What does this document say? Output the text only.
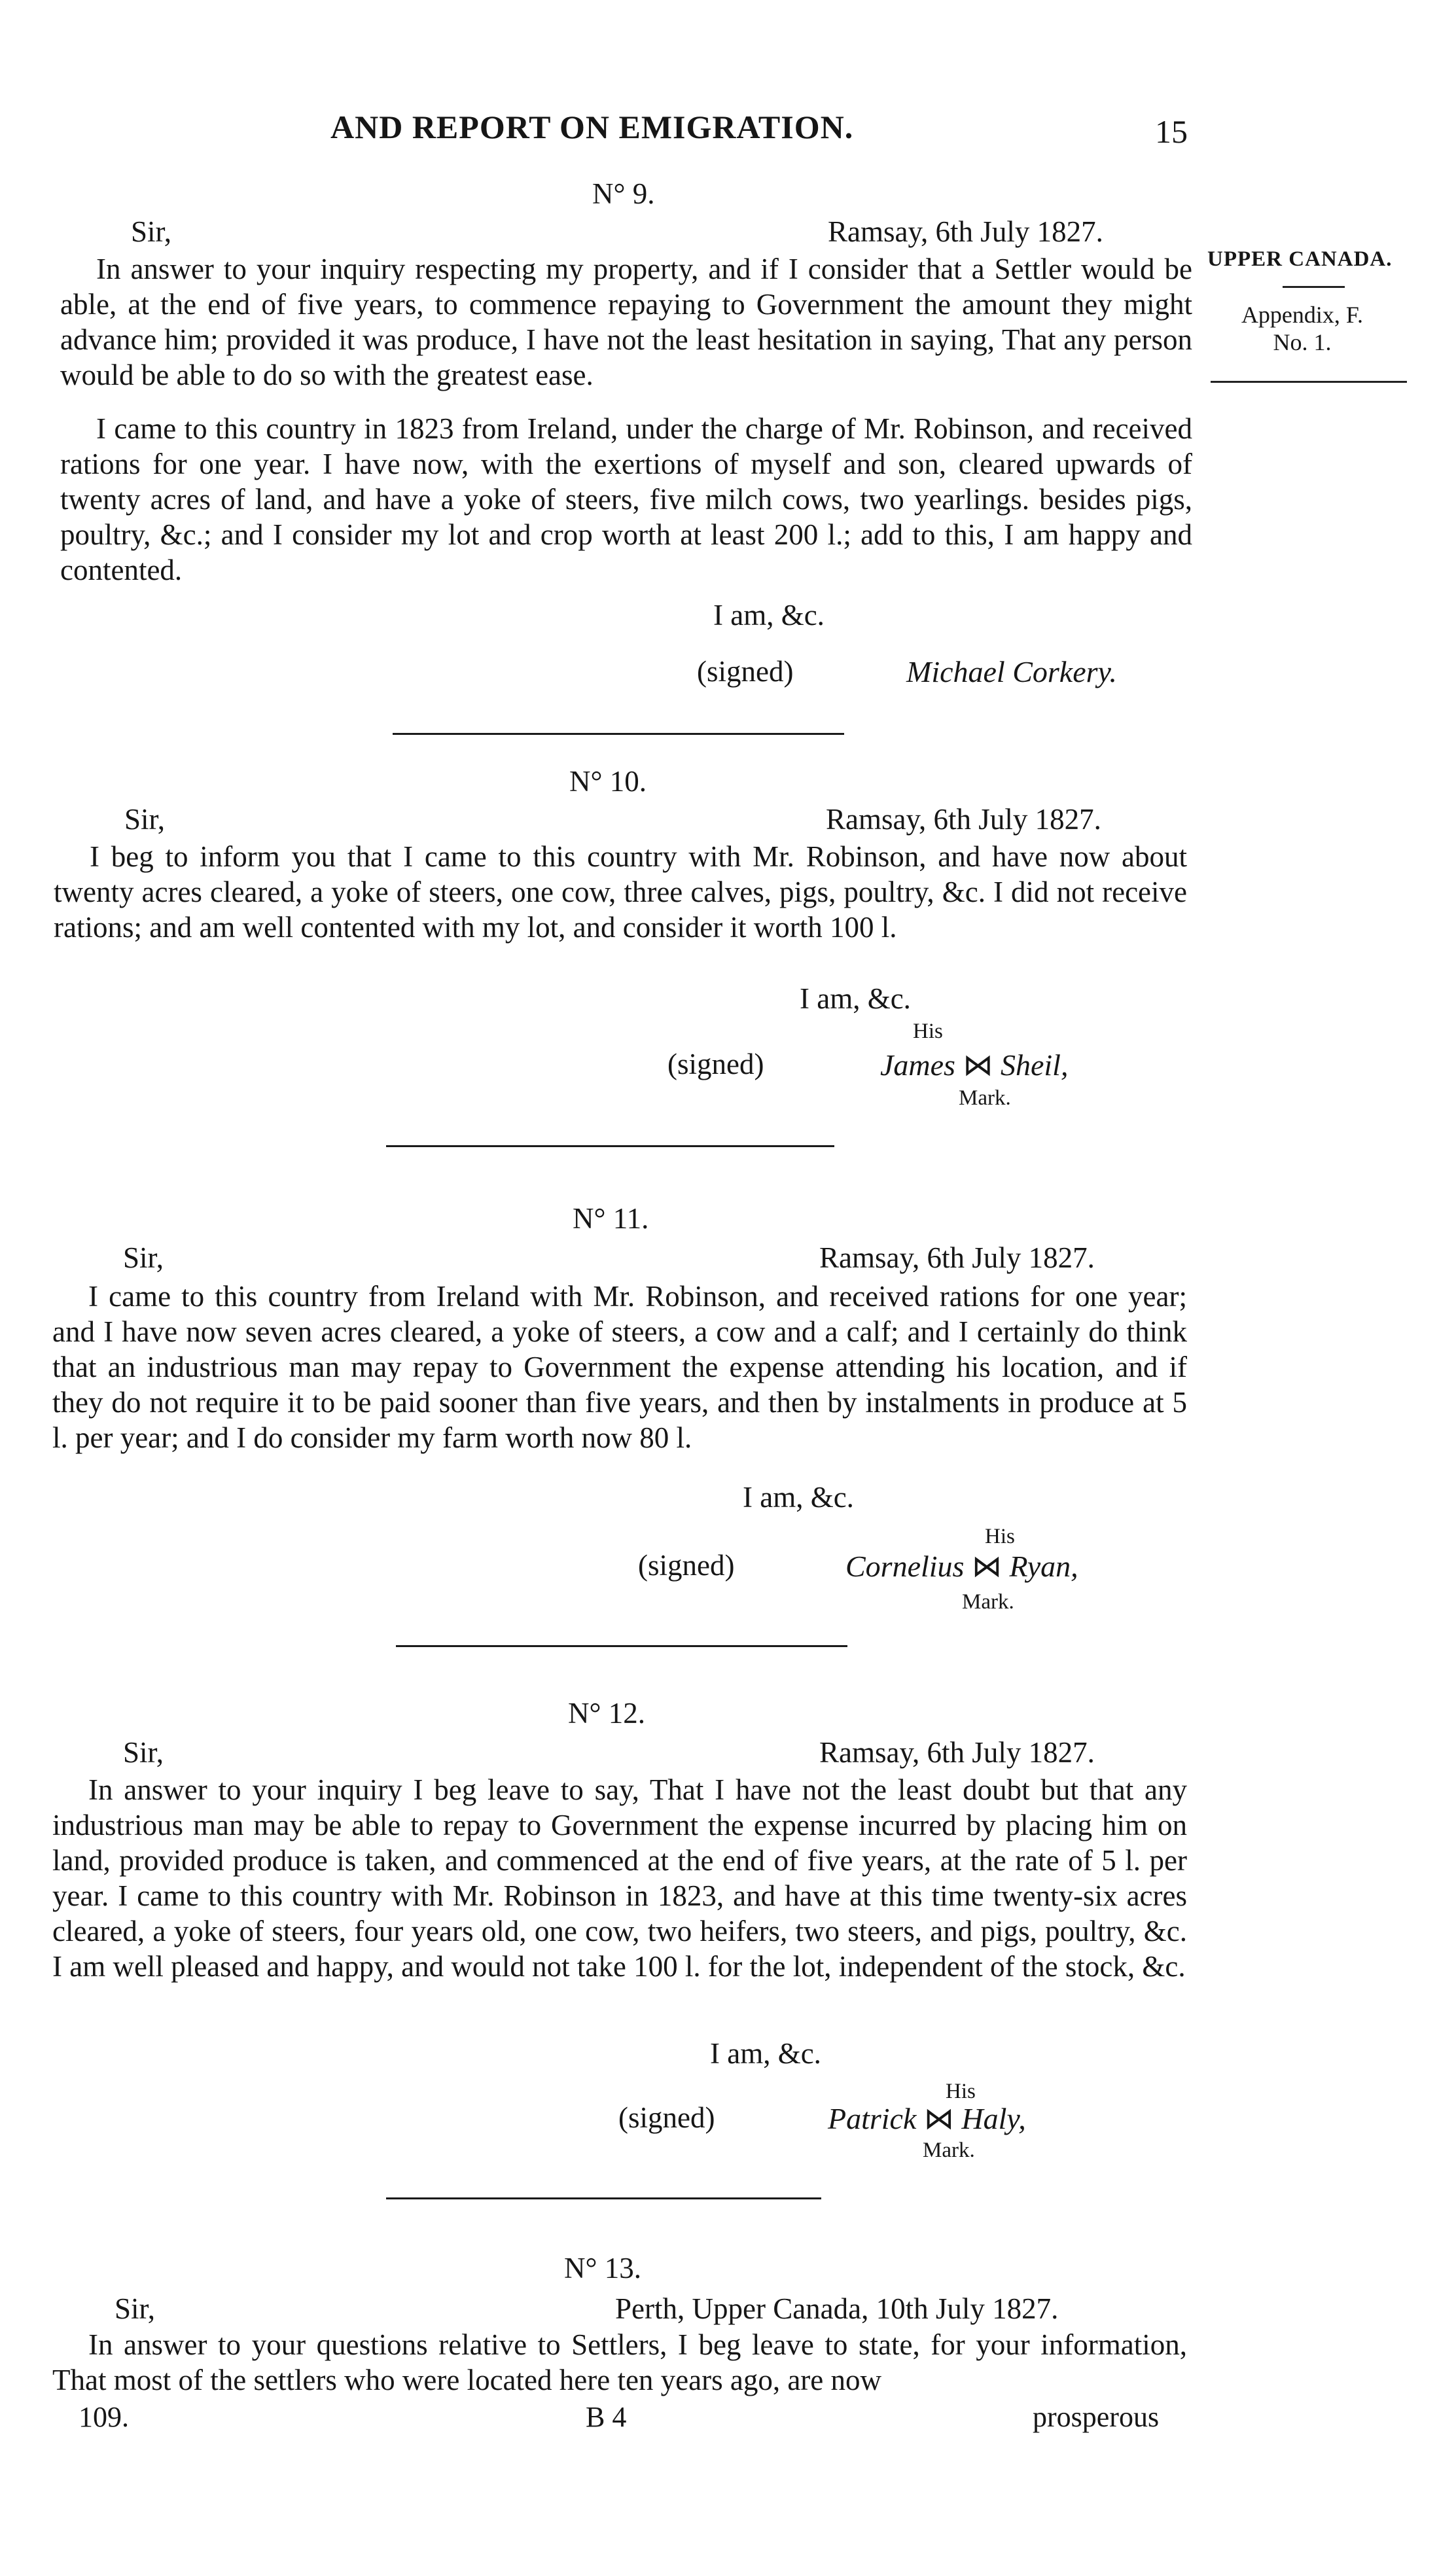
AND REPORT ON EMIGRATION.	15
UPPER CANADA.
Appendix, F.
No. 1.
N° 9.
Sir,	Ramsay, 6th July 1827.
In answer to your inquiry respecting my property, and if I consider that a Settler would be able, at the end of five years, to commence repaying to Government the amount they might advance him; provided it was produce, I have not the least hesitation in saying, That any person would be able to do so with the greatest ease.
I came to this country in 1823 from Ireland, under the charge of Mr. Robinson, and received rations for one year. I have now, with the exertions of myself and son, cleared upwards of twenty acres of land, and have a yoke of steers, five milch cows, two yearlings. besides pigs, poultry, &c.; and I consider my lot and crop worth at least 200 l.; add to this, I am happy and contented.
I am, &c.
(signed)	Michael Corkery.
N° 10.
Sir,	Ramsay, 6th July 1827.
I beg to inform you that I came to this country with Mr. Robinson, and have now about twenty acres cleared, a yoke of steers, one cow, three calves, pigs, poultry, &c. I did not receive rations; and am well contented with my lot, and consider it worth 100 l.
I am, &c.
His
(signed)	James ⋈ Sheil,
Mark.
N° 11.
Sir,	Ramsay, 6th July 1827.
I came to this country from Ireland with Mr. Robinson, and received rations for one year; and I have now seven acres cleared, a yoke of steers, a cow and a calf; and I certainly do think that an industrious man may repay to Government the expense attending his location, and if they do not require it to be paid sooner than five years, and then by instalments in produce at 5 l. per year; and I do consider my farm worth now 80 l.
I am, &c.
His
(signed)	Cornelius ⋈ Ryan,
Mark.
N° 12.
Sir,	Ramsay, 6th July 1827.
In answer to your inquiry I beg leave to say, That I have not the least doubt but that any industrious man may be able to repay to Government the expense incurred by placing him on land, provided produce is taken, and commenced at the end of five years, at the rate of 5 l. per year. I came to this country with Mr. Robinson in 1823, and have at this time twenty-six acres cleared, a yoke of steers, four years old, one cow, two heifers, two steers, and pigs, poultry, &c. I am well pleased and happy, and would not take 100 l. for the lot, independent of the stock, &c.
I am, &c.
His
(signed)	Patrick ⋈ Haly,
Mark.
N° 13.
Sir,	Perth, Upper Canada, 10th July 1827.
In answer to your questions relative to Settlers, I beg leave to state, for your information, That most of the settlers who were located here ten years ago, are now
109.	B 4	prosperous
